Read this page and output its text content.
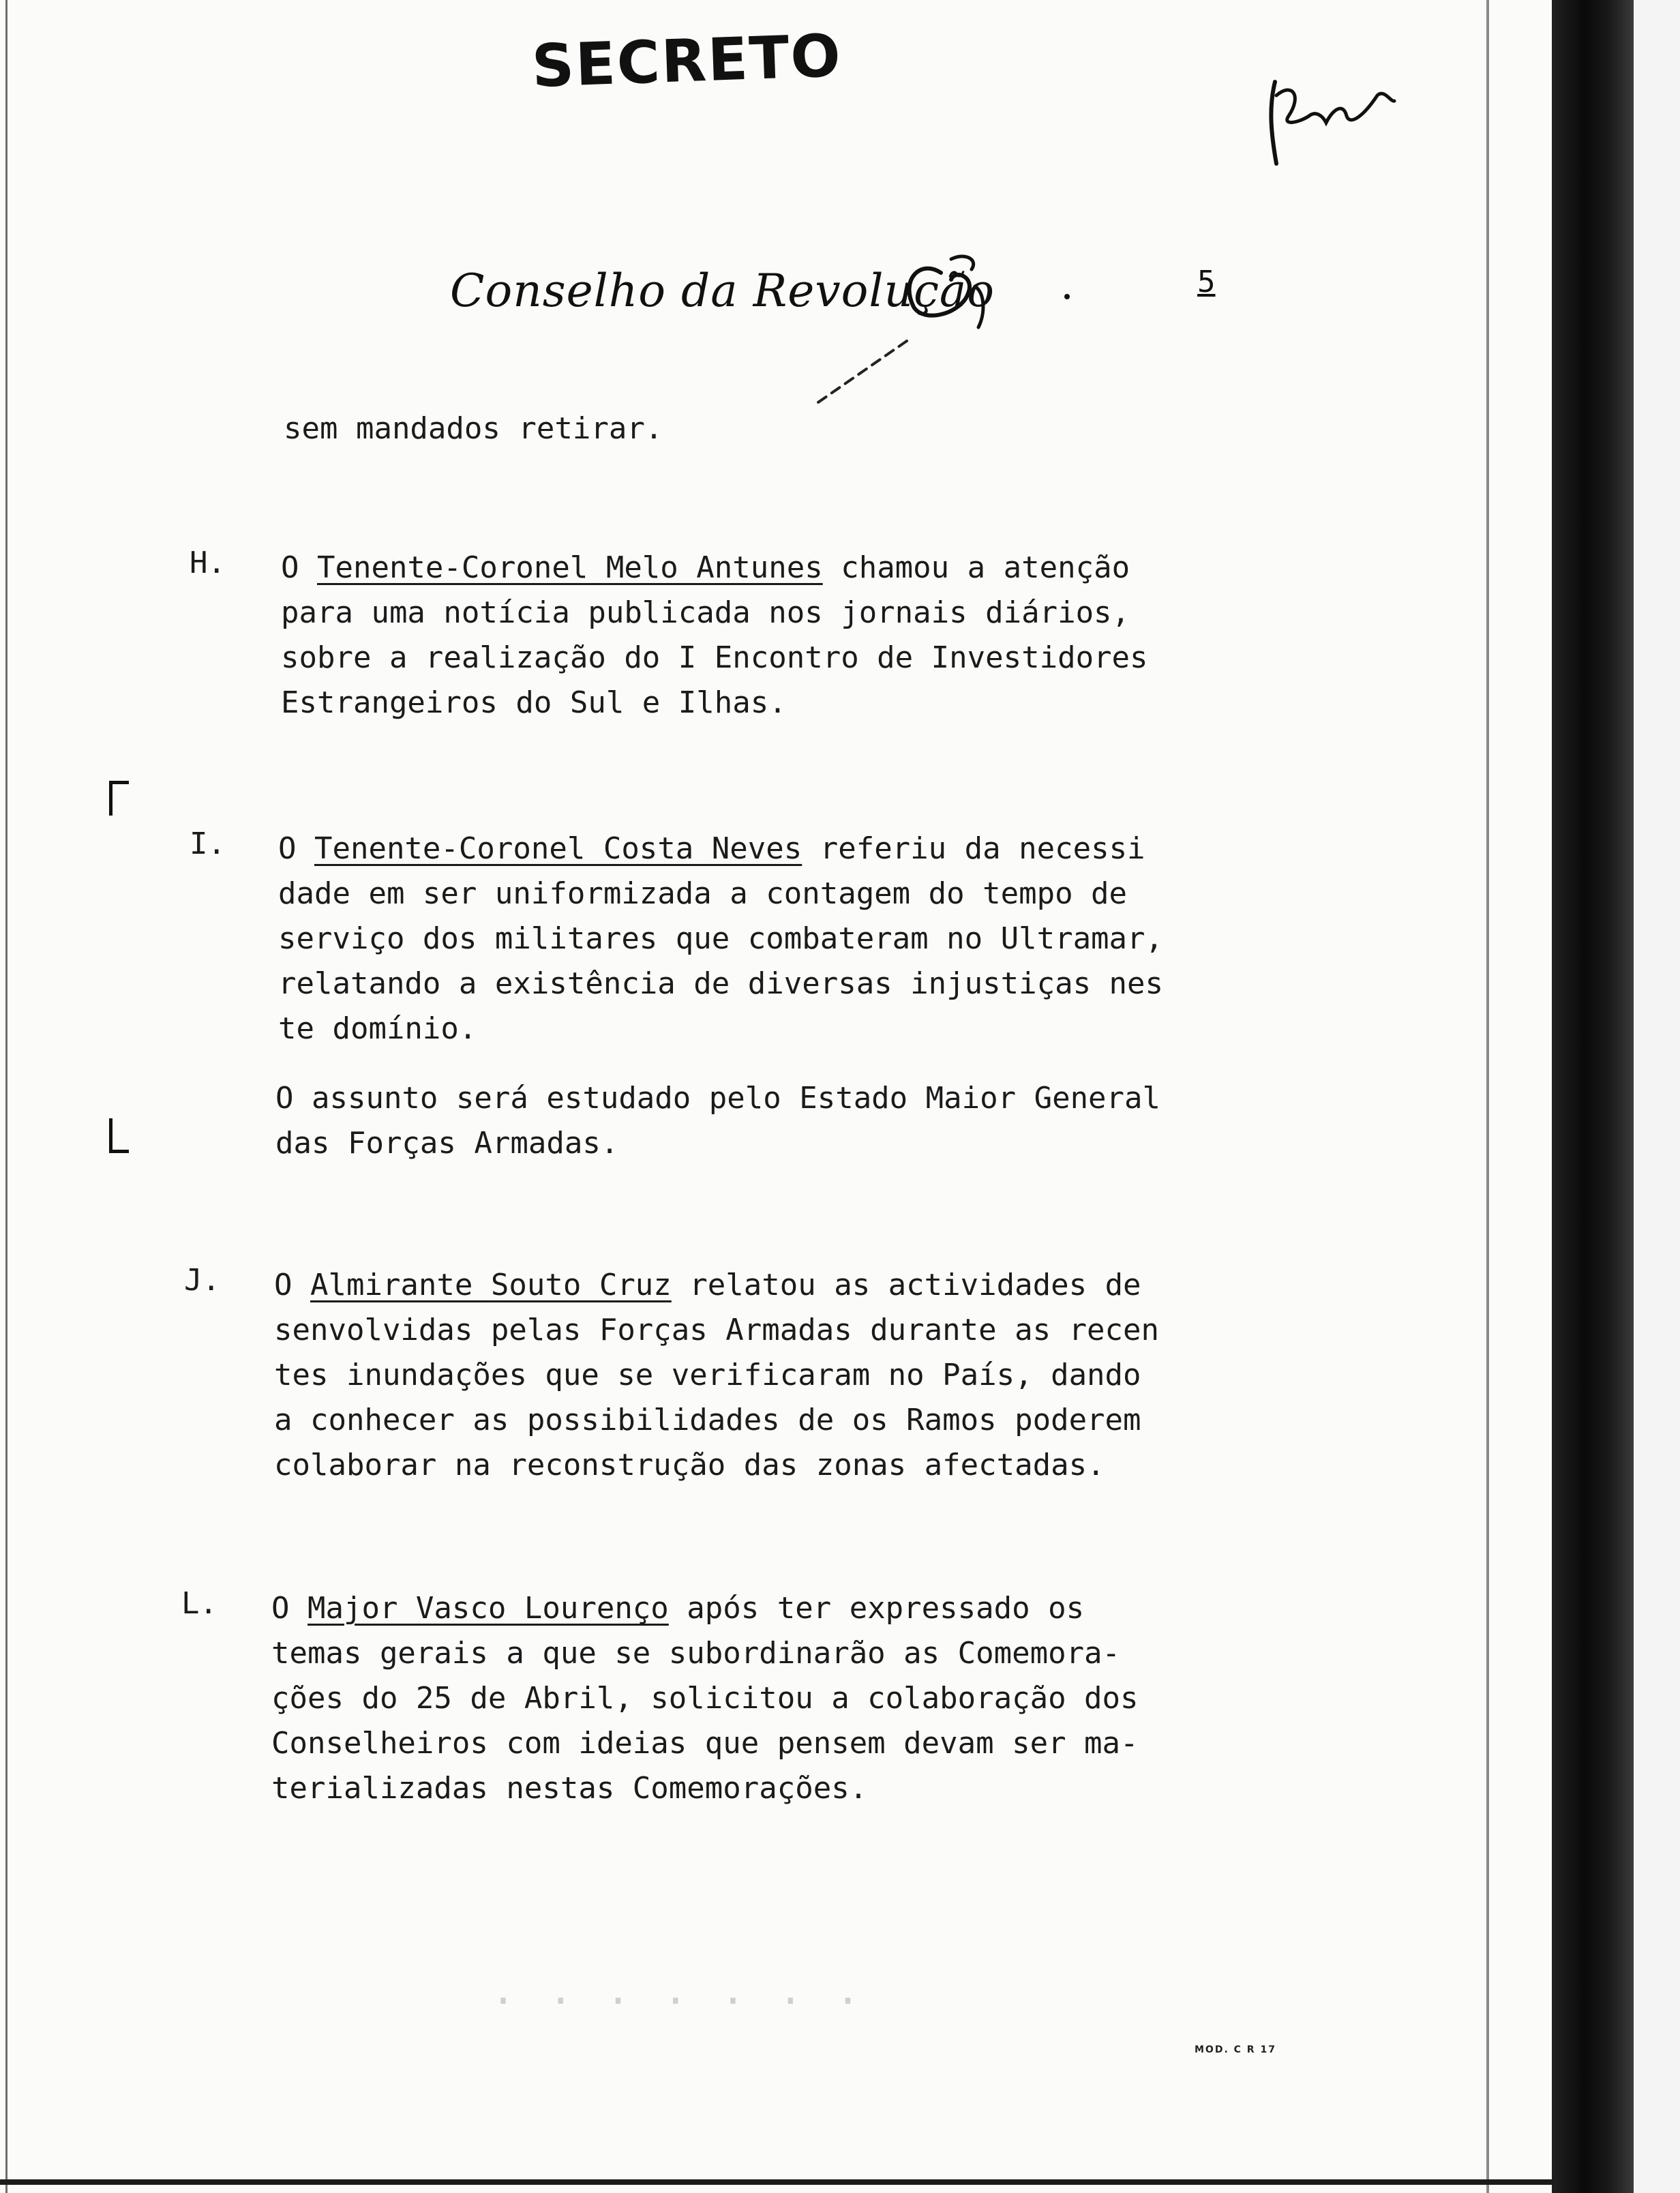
SECRETO
Conselho da Revolução	5
sem mandados retirar.
H. O Tenente-Coronel Melo Antunes chamou a atenção
para uma notícia publicada nos jornais diários,
sobre a realização do I Encontro de Investidores
Estrangeiros do Sul e Ilhas.
I. O Tenente-Coronel Costa Neves referiu da necessi
dade em ser uniformizada a contagem do tempo de
serviço dos militares que combateram no Ultramar,
relatando a existência de diversas injustiças nes
te domínio.
O assunto será estudado pelo Estado Maior General
das Forças Armadas.
J. O Almirante Souto Cruz relatou as actividades de
senvolvidas pelas Forças Armadas durante as recen
tes inundações que se verificaram no País, dando
a conhecer as possibilidades de os Ramos poderem
colaborar na reconstrução das zonas afectadas.
L. O Major Vasco Lourenço após ter expressado os
temas gerais a que se subordinarão as Comemora-
ções do 25 de Abril, solicitou a colaboração dos
Conselheiros com ideias que pensem devam ser ma-
terializadas nestas Comemorações.
· · · · · · ·
MOD. C R 17
